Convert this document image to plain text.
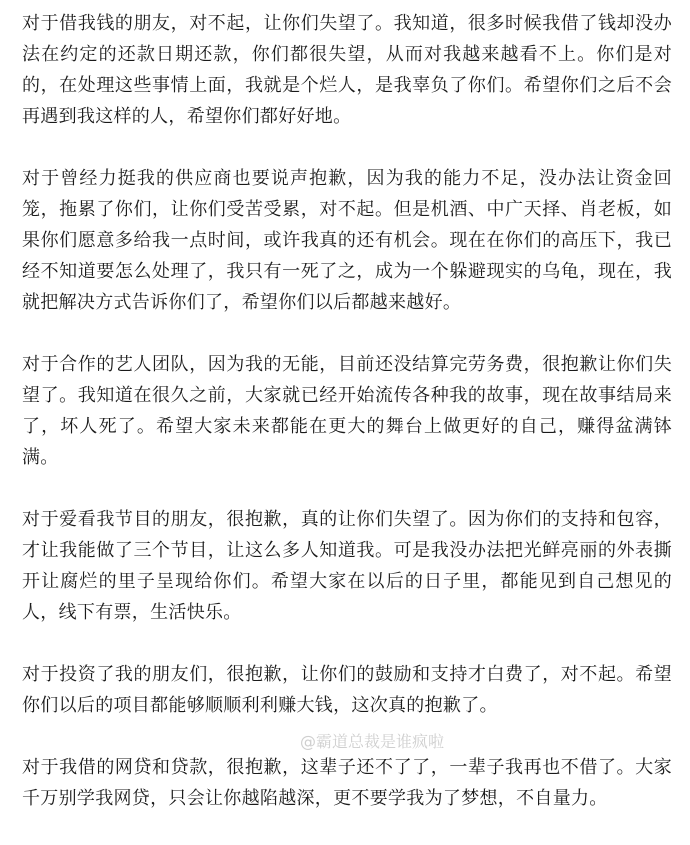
对于借我钱的朋友，对不起，让你们失望了。我知道，很多时候我借了钱却没办法在约定的还款日期还款，你们都很失望，从而对我越来越看不上。你们是对的，在处理这些事情上面，我就是个烂人，是我辜负了你们。希望你们之后不会再遇到我这样的人，希望你们都好好地。

对于曾经力挺我的供应商也要说声抱歉，因为我的能力不足，没办法让资金回笼，拖累了你们，让你们受苦受累，对不起。但是机酒、中广天择、肖老板，如果你们愿意多给我一点时间，或许我真的还有机会。现在在你们的高压下，我已经不知道要怎么处理了，我只有一死了之，成为一个躲避现实的乌龟，现在，我就把解决方式告诉你们了，希望你们以后都越来越好。

对于合作的艺人团队，因为我的无能，目前还没结算完劳务费，很抱歉让你们失望了。我知道在很久之前，大家就已经开始流传各种我的故事，现在故事结局来了，坏人死了。希望大家未来都能在更大的舞台上做更好的自己，赚得盆满钵满。

对于爱看我节目的朋友，很抱歉，真的让你们失望了。因为你们的支持和包容，才让我能做了三个节目，让这么多人知道我。可是我没办法把光鲜亮丽的外表撕开让腐烂的里子呈现给你们。希望大家在以后的日子里，都能见到自己想见的人，线下有票，生活快乐。

对于投资了我的朋友们，很抱歉，让你们的鼓励和支持才白费了，对不起。希望你们以后的项目都能够顺顺利利赚大钱，这次真的抱歉了。

对于我借的网贷和贷款，很抱歉，这辈子还不了了，一辈子我再也不借了。大家千万别学我网贷，只会让你越陷越深，更不要学我为了梦想，不自量力。

@霸道总裁是谁疯啦
